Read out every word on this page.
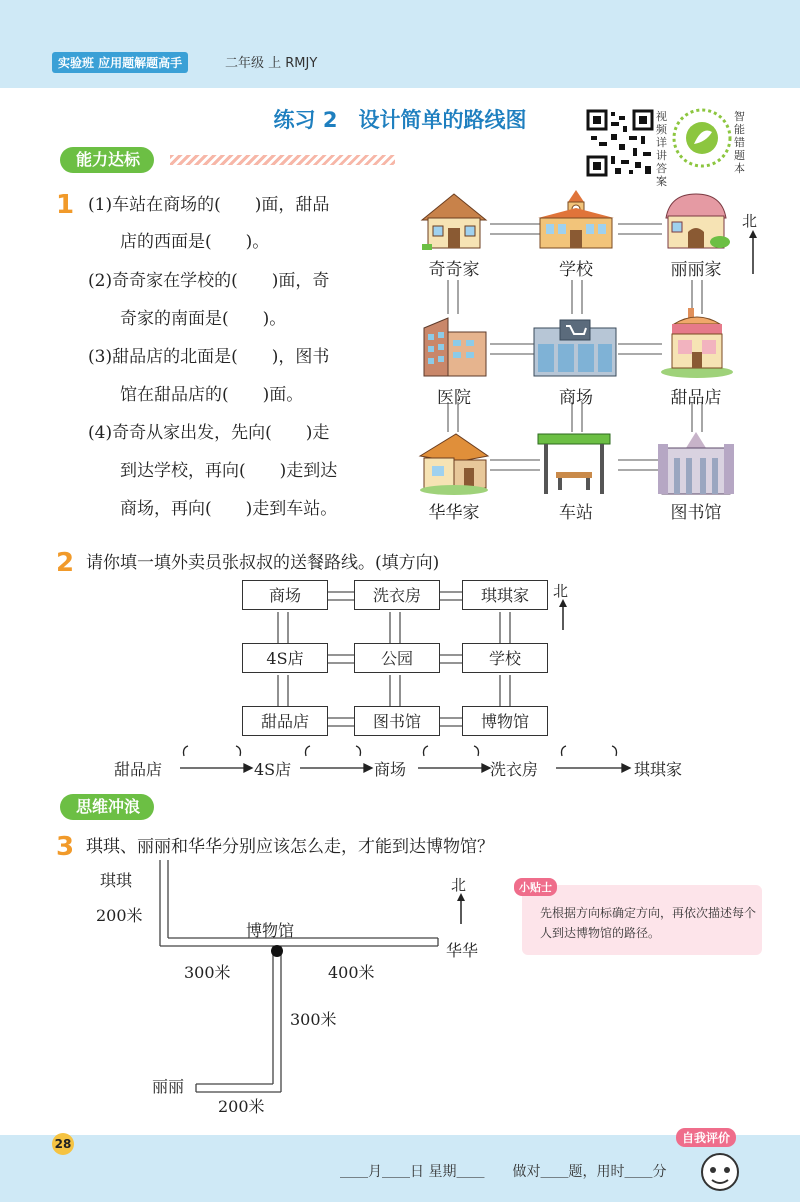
实验班 应用题解题高手	二年级 上 RMJY
练习 2　设计简单的路线图	视频详讲答案
智能错题本
能力达标
1 (1)车站在商场的(　　)面，甜品
店的西面是(　　)。
(2)奇奇家在学校的(　　)面，奇
奇家的南面是(　　)。
(3)甜品店的北面是(　　)，图书
馆在甜品店的(　　)面。
(4)奇奇从家出发，先向(　　)走
到达学校，再向(　　)走到达
商场，再向(　　)走到车站。
奇奇家	学校	丽丽家
医院	商场	甜品店
华华家	车站	图书馆
北
2 请你填一填外卖员张叔叔的送餐路线。(填方向)
商场	洗衣房	琪琪家
4S店	公园	学校
甜品店	图书馆	博物馆
北
甜品店	4S店	商场	洗衣房	琪琪家
思维冲浪
3 琪琪、丽丽和华华分别应该怎么走，才能到达博物馆？
琪琪
200米
博物馆
300米	400米
华华
300米
丽丽
200米
北	小贴士
先根据方向标确定方向，再依次描述每个人到达博物馆的路径。
28
＿＿月＿＿日 星期＿＿　　做对＿＿题，用时＿＿分
自我评价
